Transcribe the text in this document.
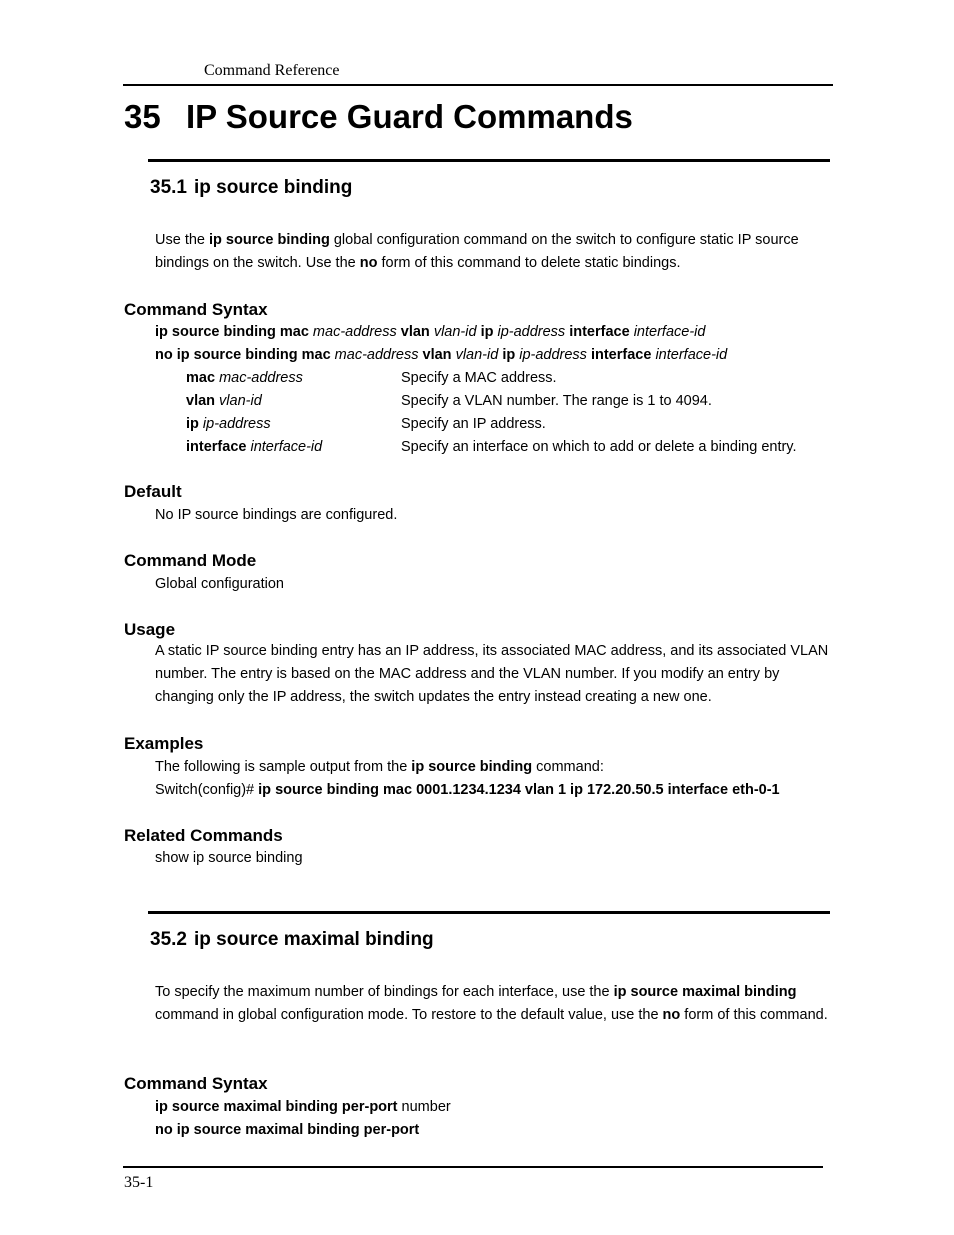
Command Reference
35 IP Source Guard Commands
35.1 ip source binding
Use the ip source binding global configuration command on the switch to configure static IP source bindings on the switch. Use the no form of this command to delete static bindings.
Command Syntax
ip source binding mac mac-address vlan vlan-id ip ip-address interface interface-id
no ip source binding mac mac-address vlan vlan-id ip ip-address interface interface-id
mac mac-address	Specify a MAC address.
vlan vlan-id	Specify a VLAN number. The range is 1 to 4094.
ip ip-address	Specify an IP address.
interface interface-id	Specify an interface on which to add or delete a binding entry.
Default
No IP source bindings are configured.
Command Mode
Global configuration
Usage
A static IP source binding entry has an IP address, its associated MAC address, and its associated VLAN number. The entry is based on the MAC address and the VLAN number. If you modify an entry by changing only the IP address, the switch updates the entry instead creating a new one.
Examples
The following is sample output from the ip source binding command:
Switch(config)# ip source binding mac 0001.1234.1234 vlan 1 ip 172.20.50.5 interface eth-0-1
Related Commands
show ip source binding
35.2 ip source maximal binding
To specify the maximum number of bindings for each interface, use the ip source maximal binding command in global configuration mode. To restore to the default value, use the no form of this command.
Command Syntax
ip source maximal binding per-port number
no ip source maximal binding per-port
35-1
